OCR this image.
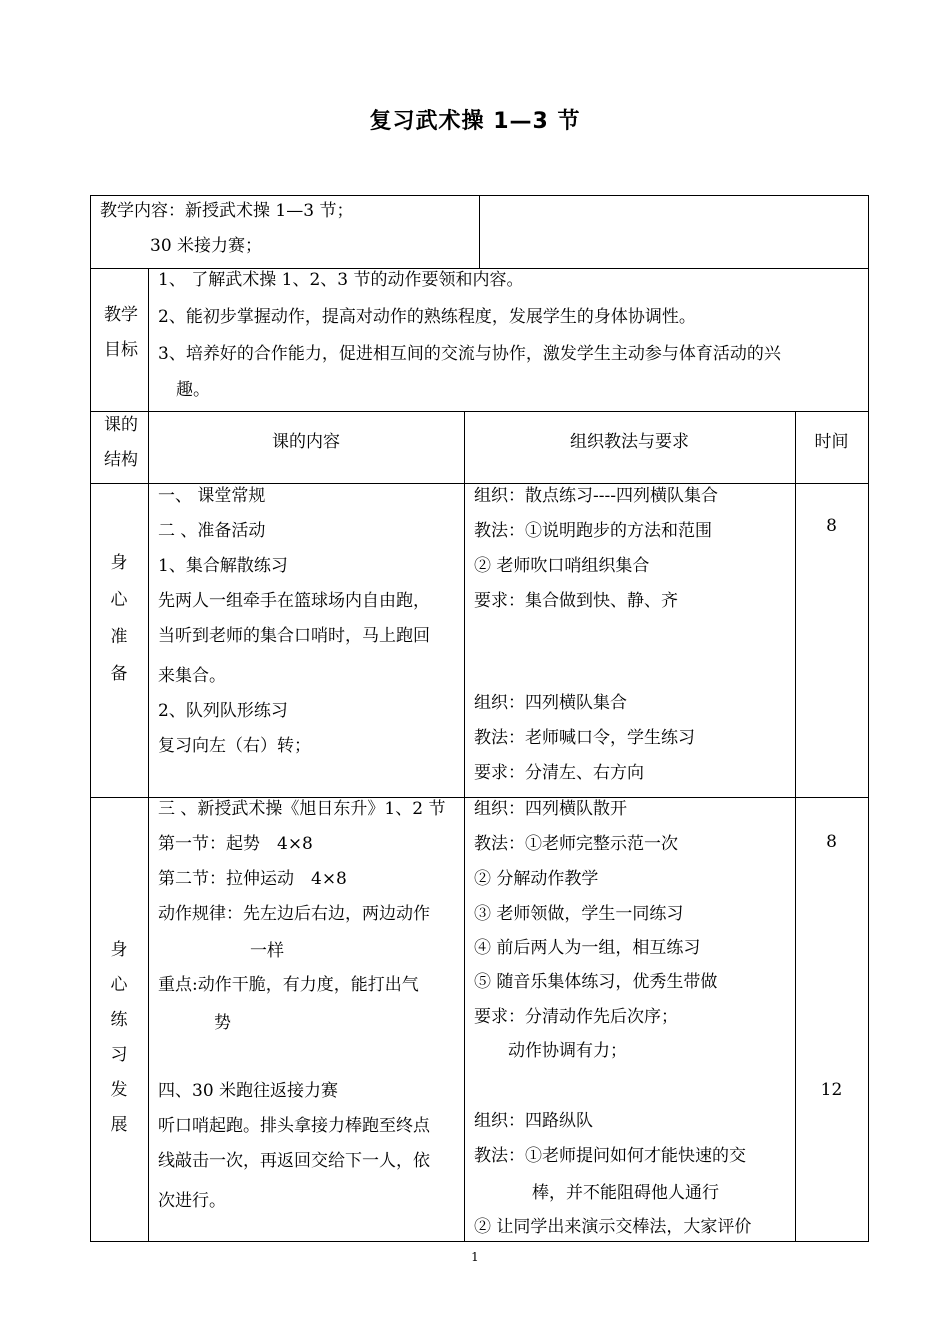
复习武术操 1—3 节
教学内容：新授武术操 1—3 节；
30 米接力赛；
教学
目标
1、 了解武术操 1、2、3 节的动作要领和内容。
2、能初步掌握动作，提高对动作的熟练程度，发展学生的身体协调性。
3、培养好的合作能力，促进相互间的交流与协作，激发学生主动参与体育活动的兴
趣。
课的
结构
课的内容	组织教法与要求	时间
身
心
准
备
一、 课堂常规
二 、准备活动
1、集合解散练习
先两人一组牵手在篮球场内自由跑，
当听到老师的集合口哨时，马上跑回
来集合。
2、队列队形练习
复习向左（右）转；
组织：散点练习----四列横队集合
教法：①说明跑步的方法和范围
② 老师吹口哨组织集合
要求：集合做到快、静、齐
组织：四列横队集合
教法：老师喊口令，学生练习
要求：分清左、右方向
8
身
心
练
习
发
展
三 、新授武术操《旭日东升》1、2 节
第一节：起势　4×8
第二节：拉伸运动　4×8
动作规律：先左边后右边，两边动作
一样
重点:动作干脆，有力度，能打出气
势
四、30 米跑往返接力赛
听口哨起跑。排头拿接力棒跑至终点
线敲击一次，再返回交给下一人，依
次进行。
组织：四列横队散开
教法：①老师完整示范一次
② 分解动作教学
③ 老师领做，学生一同练习
④ 前后两人为一组，相互练习
⑤ 随音乐集体练习，优秀生带做
要求：分清动作先后次序；
动作协调有力；
组织：四路纵队
教法：①老师提问如何才能快速的交
棒，并不能阻碍他人通行
② 让同学出来演示交棒法，大家评价
8
12
1
